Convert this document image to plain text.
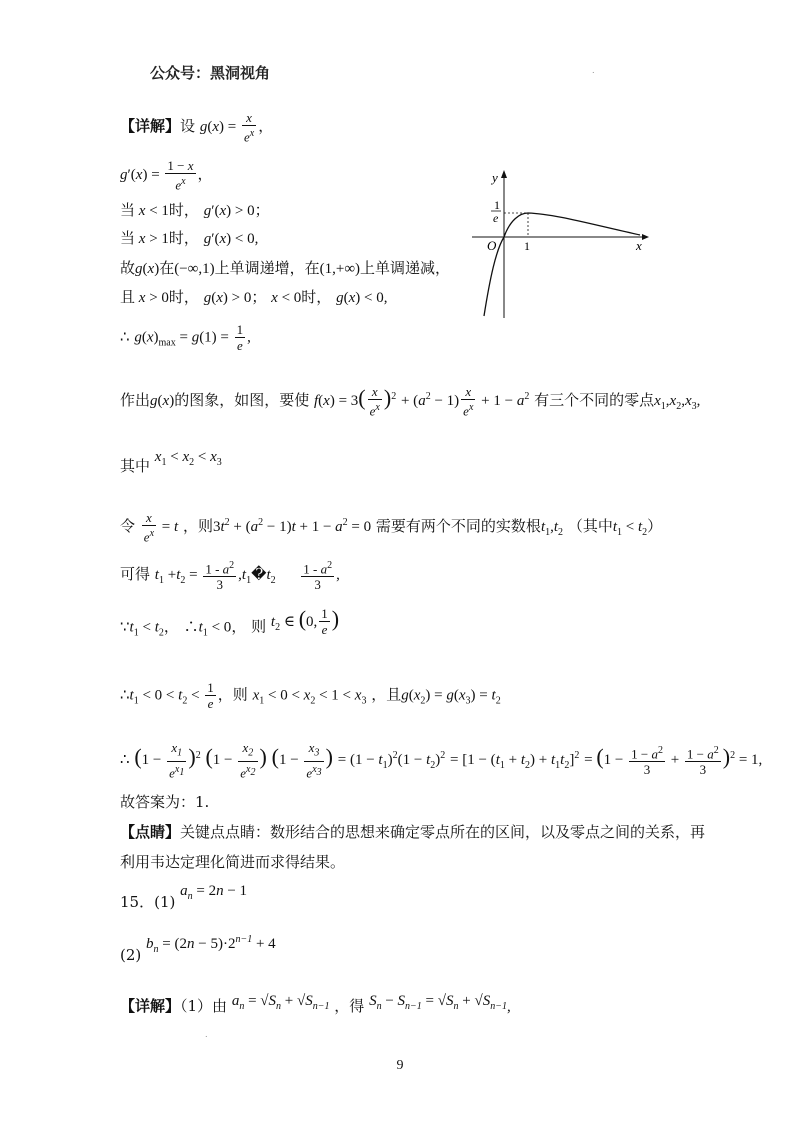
公众号：黑洞视角	.
【详解】设 $g(x) = \frac{x}{e^x}$ ，
$g'(x) = \frac{1 - x}{e^x}$ ，
当 x < 1时， g′(x) > 0；
当 x > 1时， g′(x) < 0,
故g(x)在(−∞,1)上单调递增，在(1,+∞)上单调递减，
且 x > 0时， g(x) > 0； x < 0时， g(x) < 0,
∴ $g(x)_{max} = g(1) = \frac{1}{e}$ ,
x
y
O 1
1
e
作出g(x)的图象，如图，要使 $f(x) = 3( \frac{x}{e^x} )^2 + (a^2 - 1) \frac{x}{e^x} + 1 - a^2$ 有三个不同的零点$x_1,x_2,x_3$,
其中 $x_1 < x_2 < x_3$
令 $\frac{x}{e^x} = t$ ，则$3t^2 + (a^2 - 1)t + 1 - a^2 = 0$ 需要有两个不同的实数根$t_1,t_2$ （其中$t_1 < t_2$）
可得 $t_1 +t_2 = \frac{1 - a^2}{3}$ $,t_1�t_2 \frac{1 - a^2}{3}$ ,
$\because t_1 < t_2$， $\therefore t_1 < 0$， 则 $t_2$ ∈ (0, $\frac{1}{e}$ )
$\therefore t_1 < 0 < t_2 < \frac{1}{e}$ ，则 $x_1 < 0 < x_2 < 1 < x_3$ ，且$g(x_2) = g(x_3) = t_2$
∴ $(1 - \frac{x_1}{e^{x_1}} )^2$ ($1 - \frac{x_2}{e^{x_2}}$ ) ($1 - \frac{x_3}{e^{x_3}}$ ) = $(1 - t_1)^2(1 - t_2)^2 = [1 - (t_1 + t_2) + t_1t_2]^2 = (1 - \frac{1 - a^2}{3} + \frac{1 - a^2}{3} )^2 = 1$,
故答案为：1.
【点睛】关键点点睛：数形结合的思想来确定零点所在的区间，以及零点之间的关系，再
利用韦达定理化简进而求得结果。
15．(1) $a_n = 2n - 1$
(2) $b_n = (2n - 5)\cdot 2^{n-1} + 4$
【详解】（1）由 $a_n = √S_n + √S_{n-1}$ ，得 $S_n - S_{n-1} = √S_n + √S_{n-1}$,
.
9
